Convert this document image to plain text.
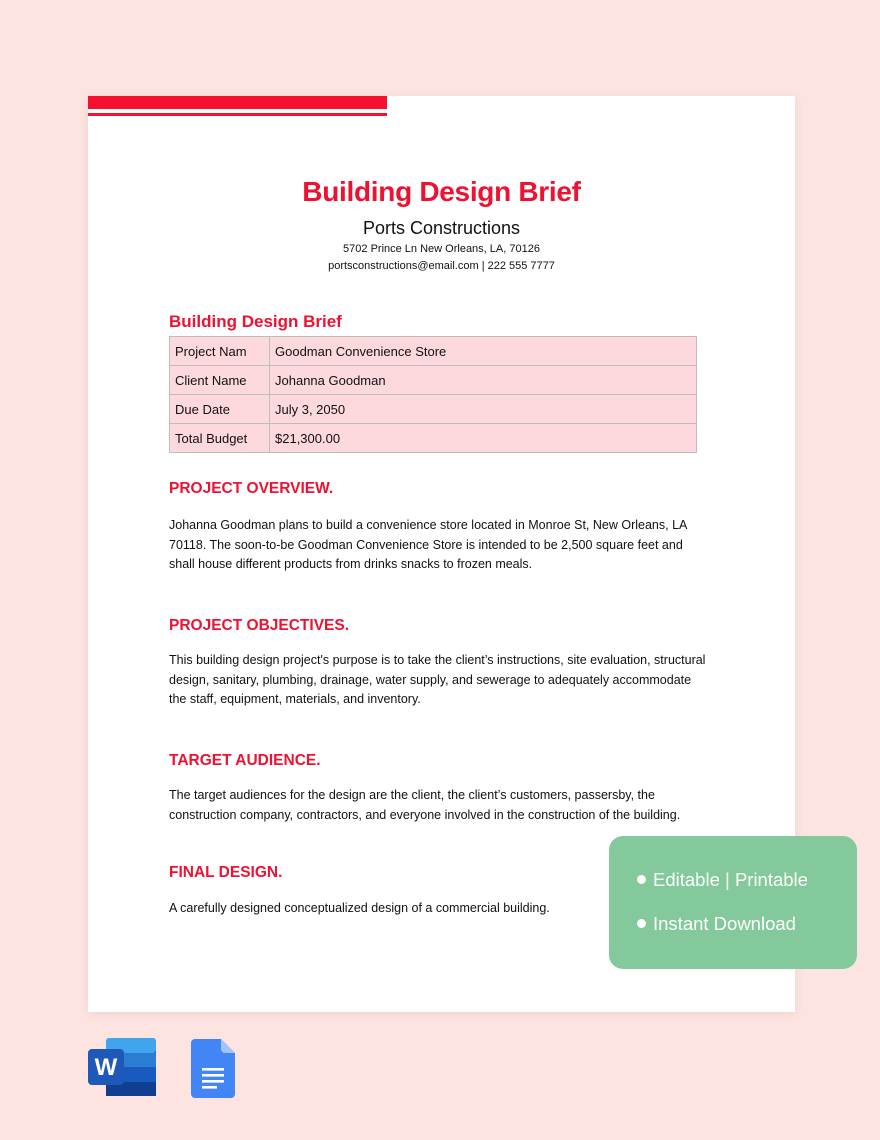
Building Design Brief
Ports Constructions
5702 Prince Ln New Orleans, LA, 70126
portsconstructions@email.com | 222 555 7777
Building Design Brief
Project Nam	Goodman Convenience Store
Client Name	Johanna Goodman
Due Date	July 3, 2050
Total Budget	$21,300.00
PROJECT OVERVIEW.

Johanna Goodman plans to build a convenience store located in Monroe St, New Orleans, LA 70118. The soon-to-be Goodman Convenience Store is intended to be 2,500 square feet and shall house different products from drinks snacks to frozen meals.

PROJECT OBJECTIVES.

This building design project's purpose is to take the client’s instructions, site evaluation, structural design, sanitary, plumbing, drainage, water supply, and sewerage to adequately accommodate the staff, equipment, materials, and inventory.

TARGET AUDIENCE.

The target audiences for the design are the client, the client’s customers, passersby, the construction company, contractors, and everyone involved in the construction of the building.

FINAL DESIGN.

A carefully designed conceptualized design of a commercial building.

Editable | Printable
Instant Download
W
